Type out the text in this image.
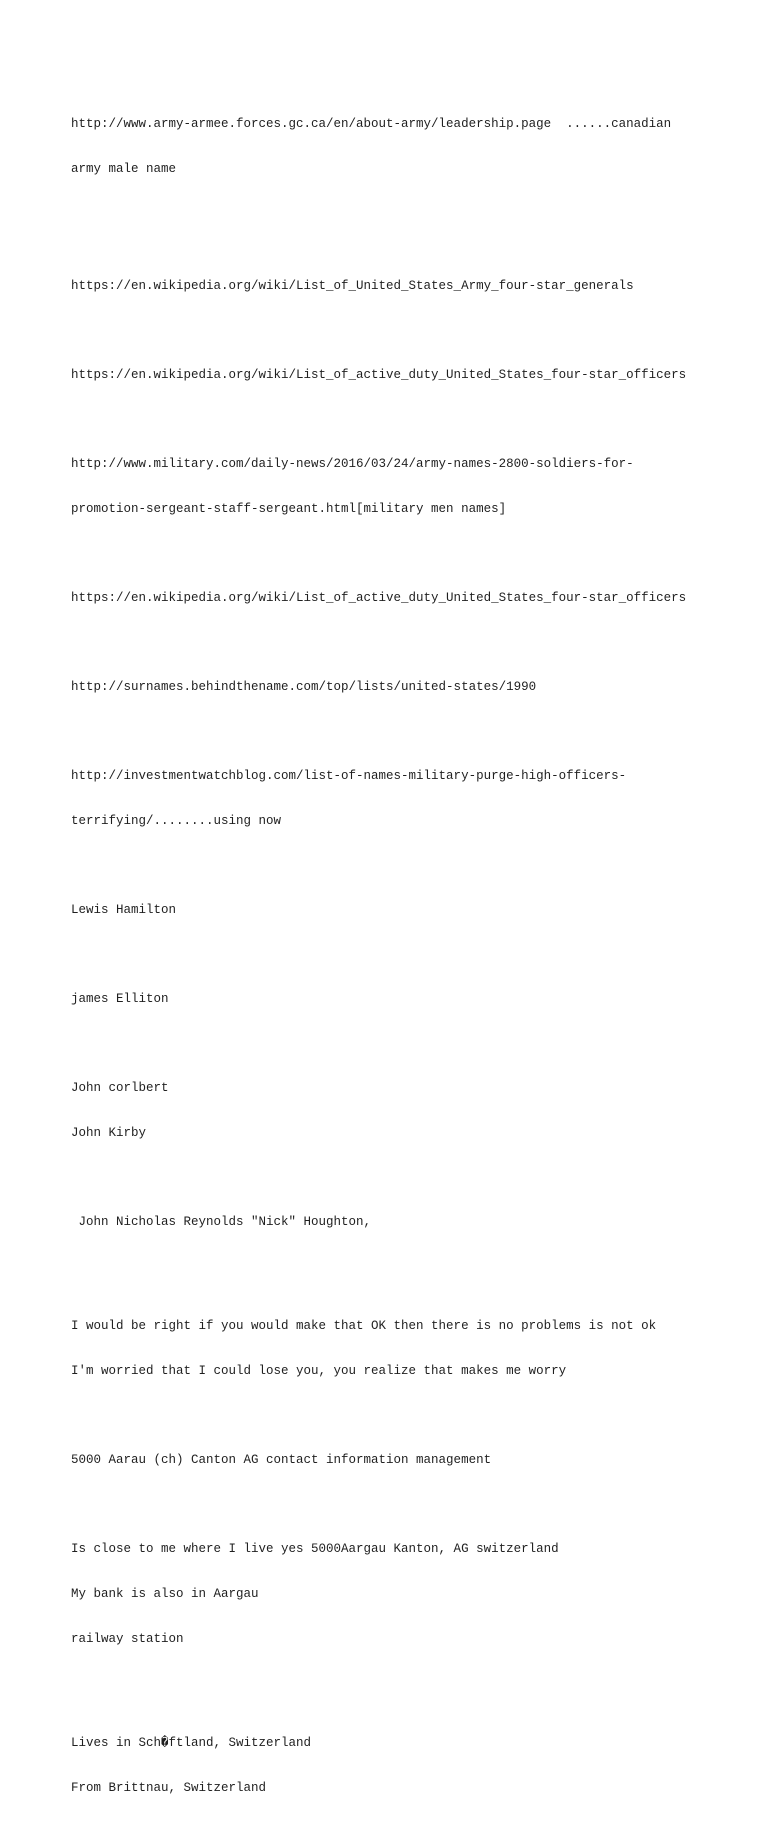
http://www.army-armee.forces.gc.ca/en/about-army/leadership.page  ......canadian

army male name

https://en.wikipedia.org/wiki/List_of_United_States_Army_four-star_generals

https://en.wikipedia.org/wiki/List_of_active_duty_United_States_four-star_officers

http://www.military.com/daily-news/2016/03/24/army-names-2800-soldiers-for-

promotion-sergeant-staff-sergeant.html[military men names]

https://en.wikipedia.org/wiki/List_of_active_duty_United_States_four-star_officers

http://surnames.behindthename.com/top/lists/united-states/1990

http://investmentwatchblog.com/list-of-names-military-purge-high-officers-

terrifying/........using now

Lewis Hamilton

james Elliton

John corlbert

John Kirby

John Nicholas Reynolds "Nick" Houghton,

I would be right if you would make that OK then there is no problems is not ok

I'm worried that I could lose you, you realize that makes me worry

5000 Aarau (ch) Canton AG contact information management

Is close to me where I live yes 5000Aargau Kanton, AG switzerland

My bank is also in Aargau

railway station

Lives in Sch�ftland, Switzerland

From Brittnau, Switzerland
